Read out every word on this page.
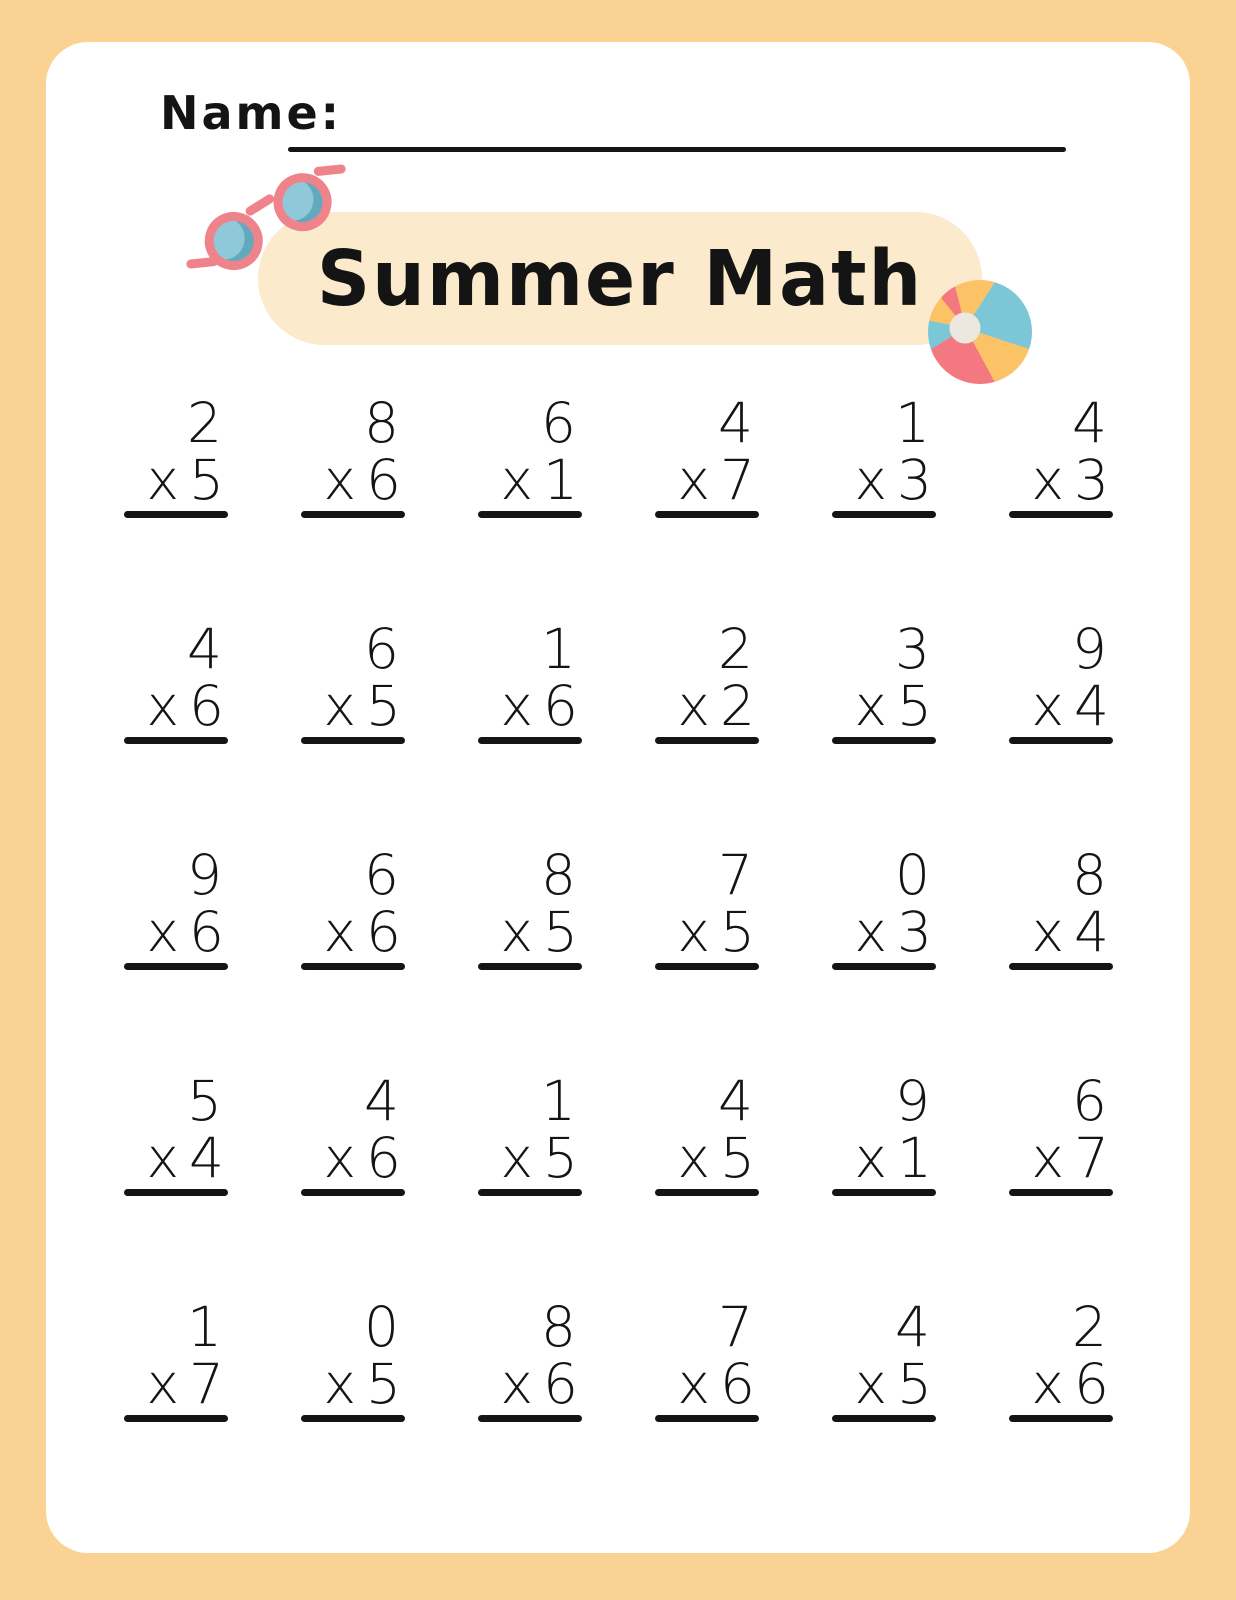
Name:
Summer Math
2
x 5
8
x 6
6
x 1
4
x 7
1
x 3
4
x 3
4
x 6
6
x 5
1
x 6
2
x 2
3
x 5
9
x 4
9
x 6
6
x 6
8
x 5
7
x 5
0
x 3
8
x 4
5
x 4
4
x 6
1
x 5
4
x 5
9
x 1
6
x 7
1
x 7
0
x 5
8
x 6
7
x 6
4
x 5
2
x 6
